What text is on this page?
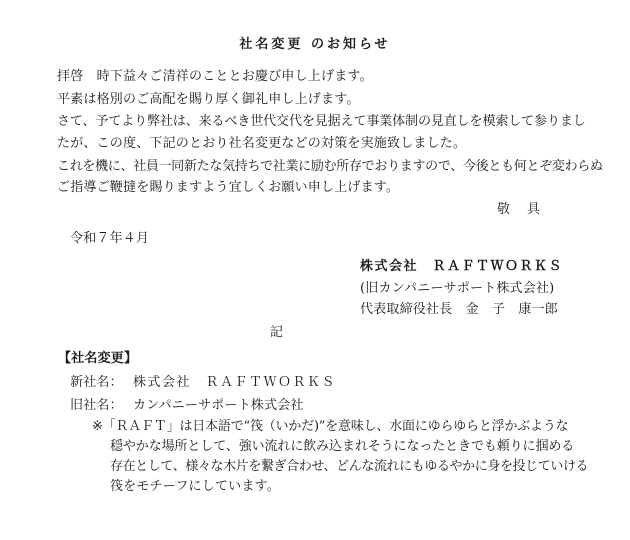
社名変更 のお知らせ
拝啓　時下益々ご清祥のこととお慶び申し上げます。
平素は格別のご高配を賜り厚く御礼申し上げます。
さて、予てより弊社は、来るべき世代交代を見据えて事業体制の見直しを模索して参りまし
たが、この度、下記のとおり社名変更などの対策を実施致しました。
これを機に、社員一同新たな気持ちで社業に励む所存でおりますので、今後とも何とぞ変わらぬ
ご指導ご鞭撻を賜りますよう宜しくお願い申し上げます。
敬　具
令和７年４月
株式会社　ＲＡＦＴＷＯＲＫＳ
(旧カンパニーサポート株式会社)
代表取締役社長　金　子　康一郎
記
【社名変更】
新社名： 株式会社　ＲＡＦＴＷＯＲＫＳ
旧社名： カンパニーサポート株式会社
※「ＲＡＦＴ」は日本語で“筏（いかだ)”を意味し、水面にゆらゆらと浮かぶような
穏やかな場所として、強い流れに飲み込まれそうになったときでも頼りに掴める
存在として、様々な木片を繋ぎ合わせ、どんな流れにもゆるやかに身を投じていける
筏をモチーフにしています。
